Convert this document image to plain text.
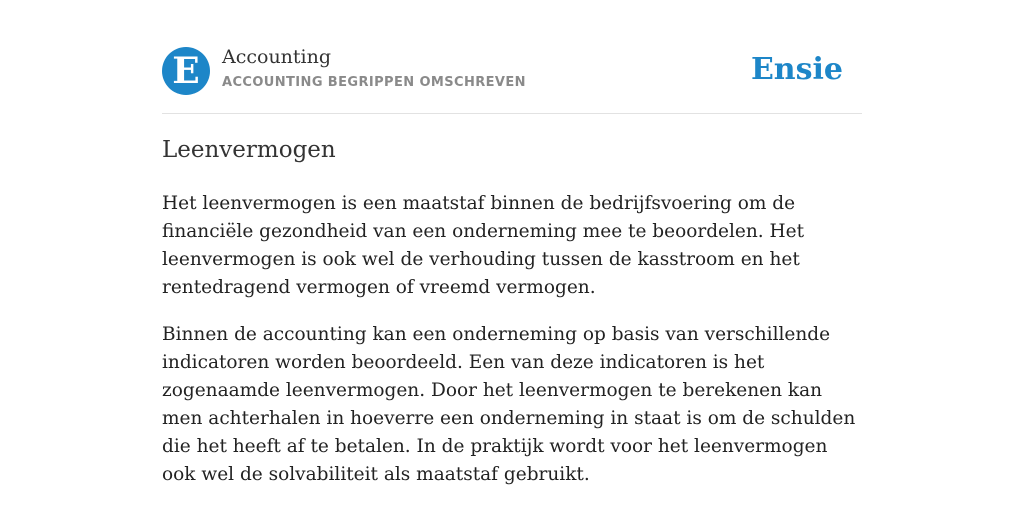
E	Accounting
ACCOUNTING BEGRIPPEN OMSCHREVEN	Ensie
Leenvermogen

Het leenvermogen is een maatstaf binnen de bedrijfsvoering om de financiële gezondheid van een onderneming mee te beoordelen. Het leenvermogen is ook wel de verhouding tussen de kasstroom en het rentedragend vermogen of vreemd vermogen.

Binnen de accounting kan een onderneming op basis van verschillende indicatoren worden beoordeeld. Een van deze indicatoren is het zogenaamde leenvermogen. Door het leenvermogen te berekenen kan men achterhalen in hoeverre een onderneming in staat is om de schulden die het heeft af te betalen. In de praktijk wordt voor het leenvermogen ook wel de solvabiliteit als maatstaf gebruikt.
